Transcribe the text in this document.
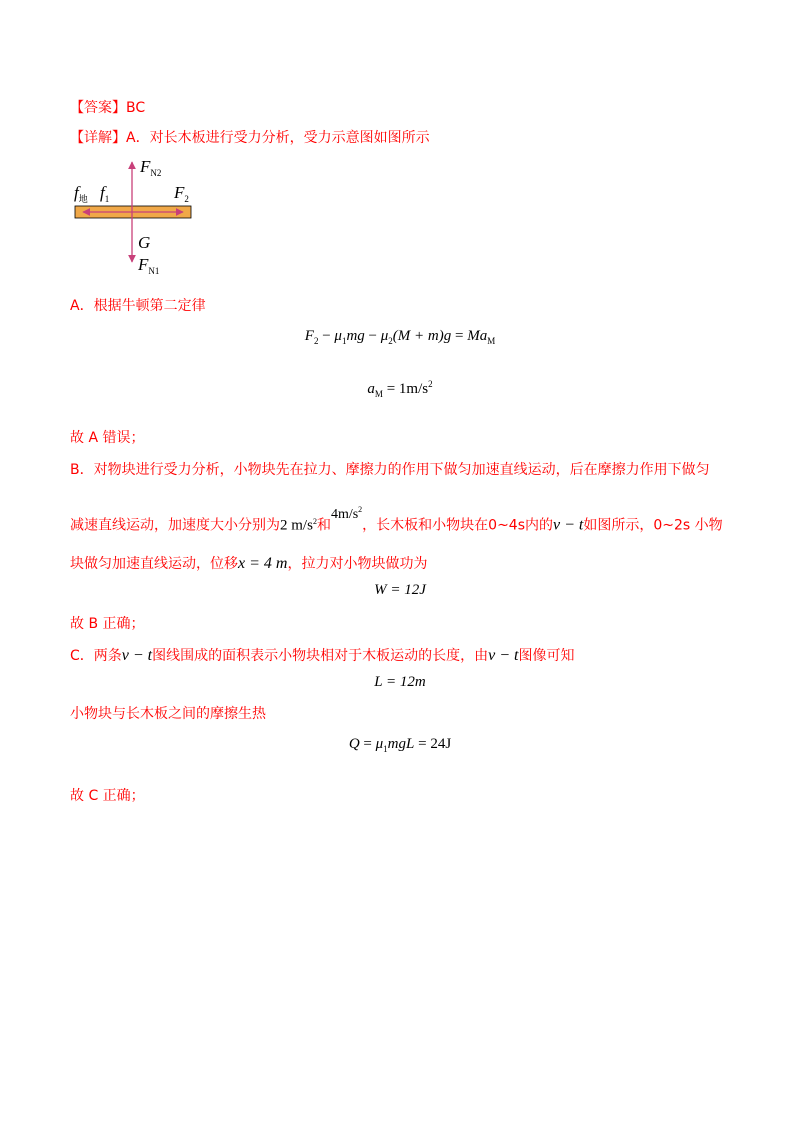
【答案】BC
【详解】A．对长木板进行受力分析，受力示意图如图所示
$F_{N2}$
$f_地$ $f_1$	$F_2$
G
$F_{N1}$
A．根据牛顿第二定律
$F_2 - \mu_1mg - \mu_2(M + m)g = Ma_M$
$a_M = 1m/s^2$
故 A 错误；
B．对物块进行受力分析，小物块先在拉力、摩擦力的作用下做匀加速直线运动，后在摩擦力作用下做匀
减速直线运动，加速度大小分别为2 $m/s^2$和$4m/s^2$，长木板和小物块在0~4s内的v − t如图所示，0~2s 小物
块做匀加速直线运动，位移x = 4 m，拉力对小物块做功为
W = 12J
故 B 正确；
C．两条v − t图线围成的面积表示小物块相对于木板运动的长度，由v − t图像可知
L = 12m
小物块与长木板之间的摩擦生热
$Q = \mu_1mgL = 24J$
故 C 正确；
